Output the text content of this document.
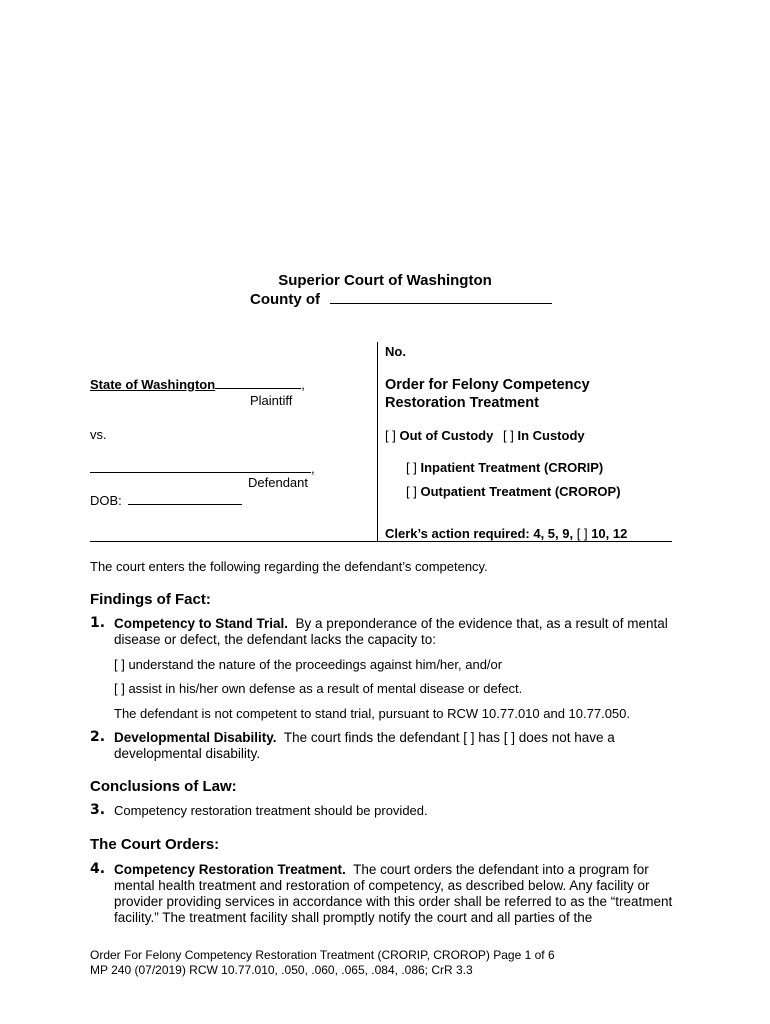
Superior Court of Washington
County of
State of Washington	,
Plaintiff
vs.
,
Defendant
DOB:
No.
Order for Felony Competency
Restoration Treatment
[ ] Out of Custody [ ] In Custody
[ ] Inpatient Treatment (CRORIP)
[ ] Outpatient Treatment (CROROP)
Clerk’s action required: 4, 5, 9, [ ] 10, 12
The court enters the following regarding the defendant’s competency.
Findings of Fact:
1. Competency to Stand Trial. By a preponderance of the evidence that, as a result of mental disease or defect, the defendant lacks the capacity to:
[ ] understand the nature of the proceedings against him/her, and/or
[ ] assist in his/her own defense as a result of mental disease or defect.
The defendant is not competent to stand trial, pursuant to RCW 10.77.010 and 10.77.050.
2. Developmental Disability. The court finds the defendant [ ] has [ ] does not have a developmental disability.
Conclusions of Law:
3. Competency restoration treatment should be provided.
The Court Orders:
4. Competency Restoration Treatment. The court orders the defendant into a program for mental health treatment and restoration of competency, as described below. Any facility or provider providing services in accordance with this order shall be referred to as the “treatment facility.” The treatment facility shall promptly notify the court and all parties of the
Order For Felony Competency Restoration Treatment (CRORIP, CROROP) Page 1 of 6
MP 240 (07/2019) RCW 10.77.010, .050, .060, .065, .084, .086; CrR 3.3
